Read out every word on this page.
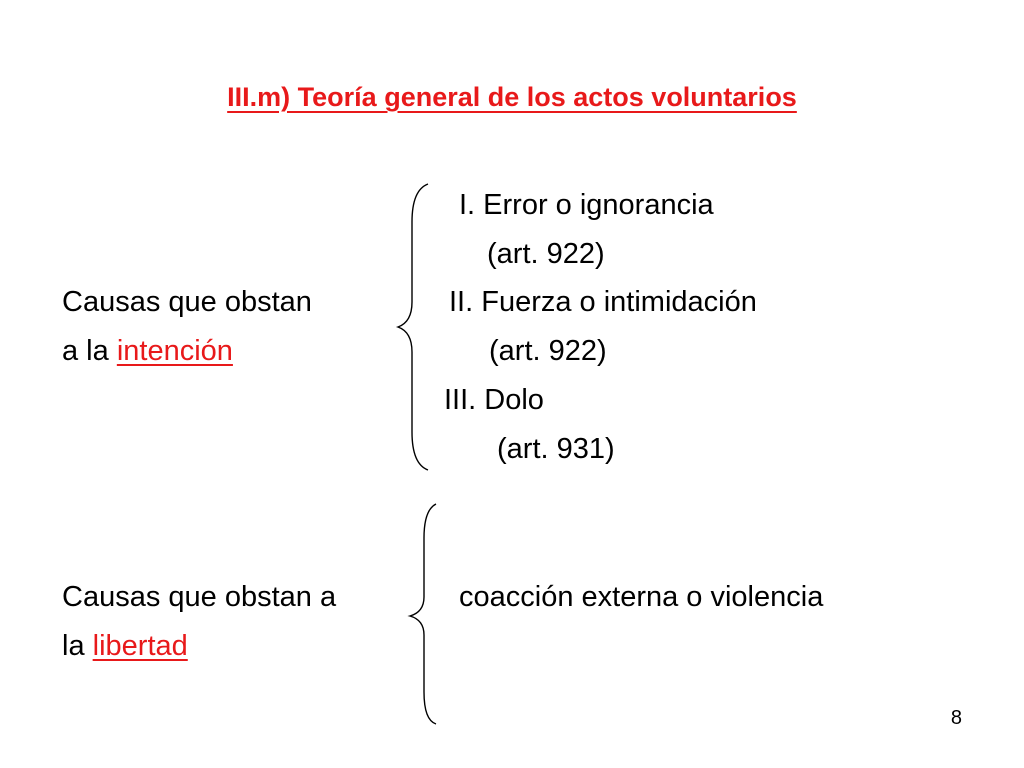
III.m) Teoría general de los actos voluntarios
Causas que obstan
a la intención
I. Error o ignorancia
(art. 922)
II. Fuerza o intimidación
(art. 922)
III. Dolo
(art. 931)
Causas que obstan a
la libertad
coacción externa o violencia
8
